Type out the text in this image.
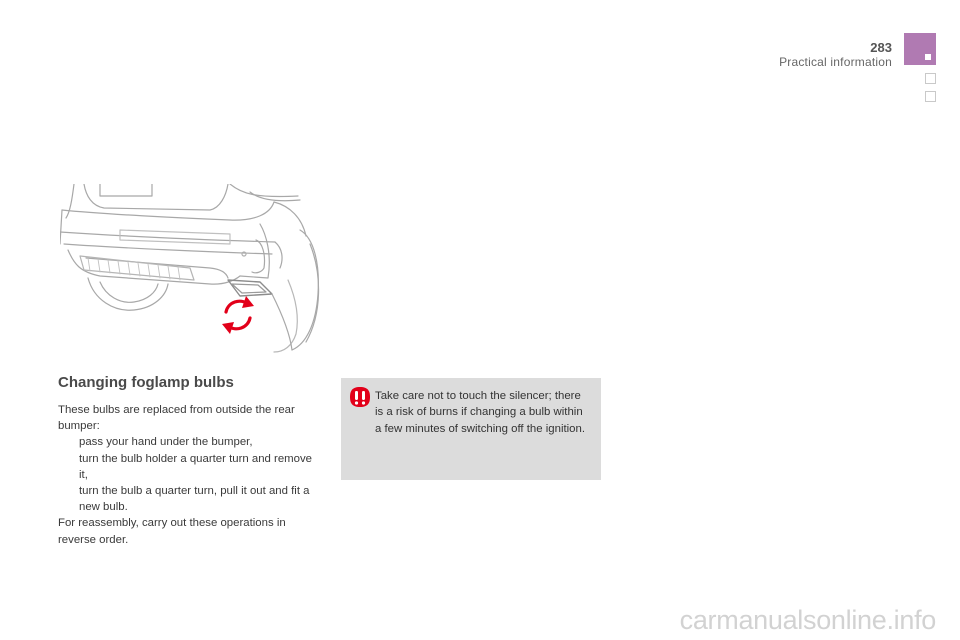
283
Practical information
Changing foglamp bulbs

These bulbs are replaced from outside the rear bumper:

pass your hand under the bumper,
turn the bulb holder a quarter turn and remove it,
turn the bulb a quarter turn, pull it out and fit a new bulb.

For reassembly, carry out these operations in reverse order.

Take care not to touch the silencer; there is a risk of burns if changing a bulb within a few minutes of switching off the ignition.
carmanualsonline.info
